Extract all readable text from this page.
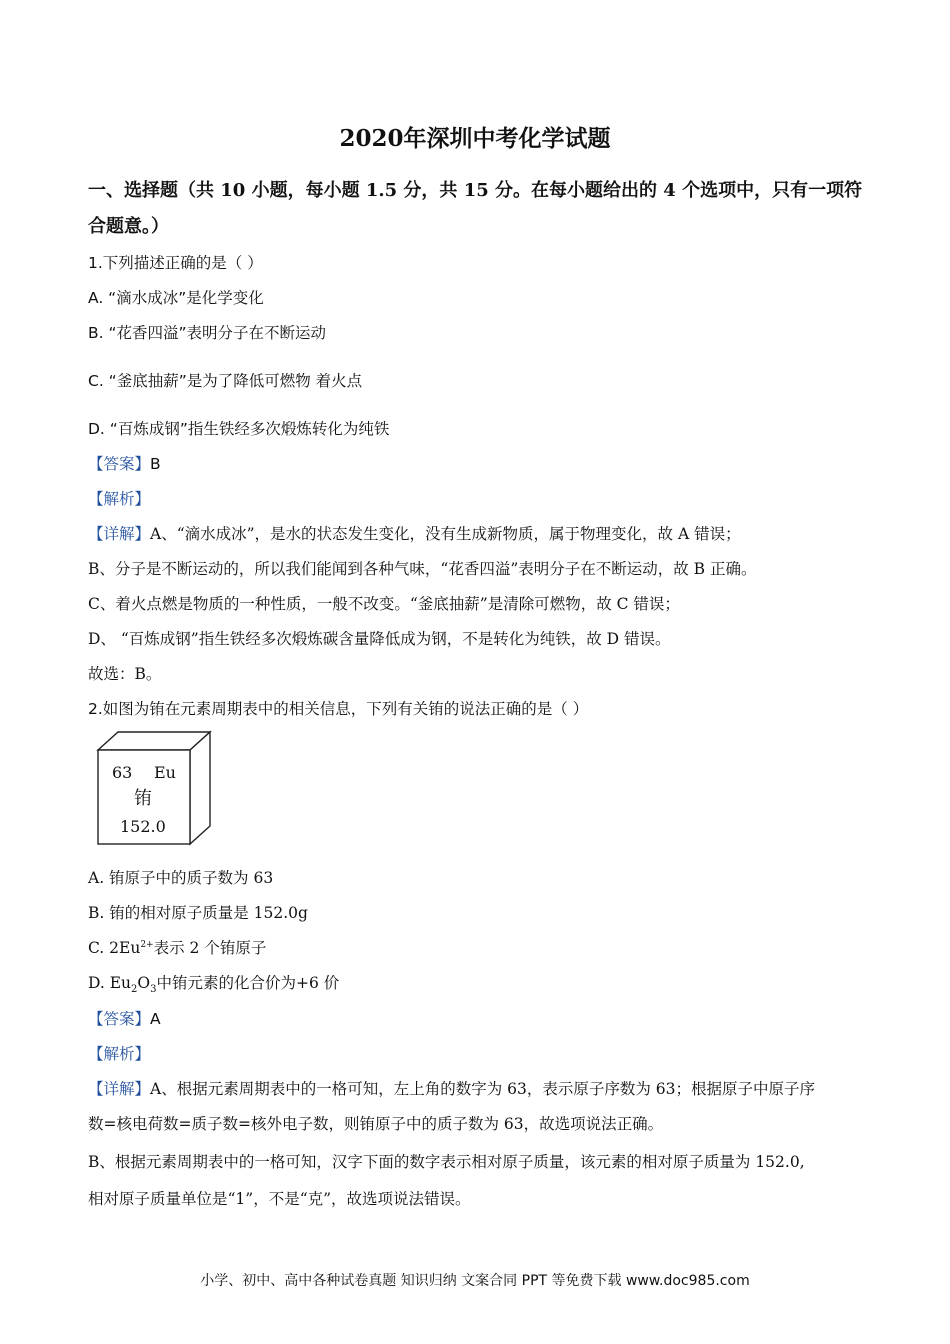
2020年深圳中考化学试题
一、选择题（共 10 小题，每小题 1.5 分，共 15 分。在每小题给出的 4 个选项中，只有一项符
合题意。）
1.下列描述正确的是（ ）
A. “滴水成冰”是化学变化
B. “花香四溢”表明分子在不断运动
C. “釜底抽薪”是为了降低可燃物 着火点
D. “百炼成钢”指生铁经多次煅炼转化为纯铁
【答案】B
【解析】
【详解】A、“滴水成冰”，是水的状态发生变化，没有生成新物质，属于物理变化，故 A 错误；
B、分子是不断运动的，所以我们能闻到各种气味，“花香四溢”表明分子在不断运动，故 B 正确。
C、着火点燃是物质的一种性质，一般不改变。“釜底抽薪”是清除可燃物，故 C 错误；
D、 “百炼成钢”指生铁经多次煅炼碳含量降低成为钢，不是转化为纯铁，故 D 错误。
故选：B。
2.如图为铕在元素周期表中的相关信息，下列有关铕的说法正确的是（ ）
63 Eu
铕
152.0
A. 铕原子中的质子数为 63
B. 铕的相对原子质量是 152.0g
C. $2Eu^{2+}$表示 2 个铕原子
D. $Eu_2O_3$中铕元素的化合价为+6 价
【答案】A
【解析】
【详解】A、根据元素周期表中的一格可知，左上角的数字为 63，表示原子序数为 63；根据原子中原子序
数=核电荷数=质子数=核外电子数，则铕原子中的质子数为 63，故选项说法正确。
B、根据元素周期表中的一格可知，汉字下面的数字表示相对原子质量，该元素的相对原子质量为 152.0,
相对原子质量单位是“1”，不是“克”，故选项说法错误。
小学、初中、高中各种试卷真题 知识归纳 文案合同 PPT 等免费下载 www.doc985.com
